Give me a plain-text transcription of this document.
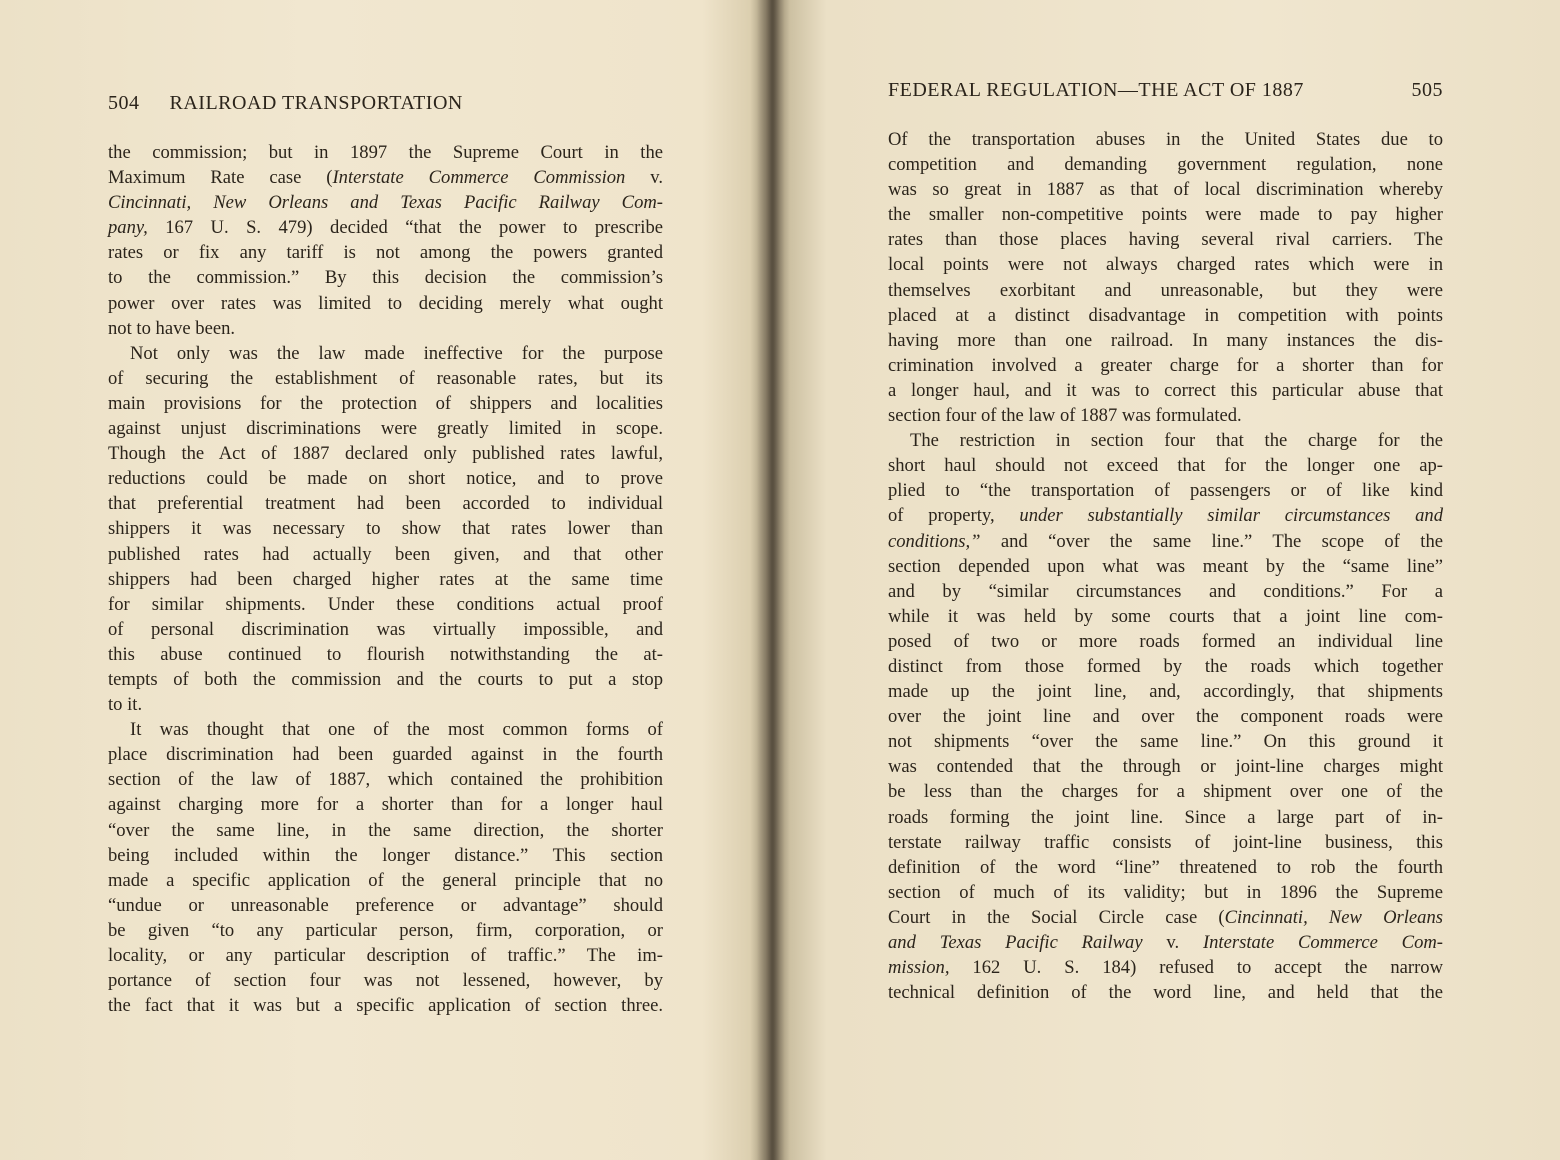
504 RAILROAD TRANSPORTATION
the commission; but in 1897 the Supreme Court in the
Maximum Rate case (Interstate Commerce Commission v.
Cincinnati, New Orleans and Texas Pacific Railway Com-
pany, 167 U. S. 479) decided “that the power to prescribe
rates or fix any tariff is not among the powers granted
to the commission.” By this decision the commission’s
power over rates was limited to deciding merely what ought
not to have been.
Not only was the law made ineffective for the purpose
of securing the establishment of reasonable rates, but its
main provisions for the protection of shippers and localities
against unjust discriminations were greatly limited in scope.
Though the Act of 1887 declared only published rates lawful,
reductions could be made on short notice, and to prove
that preferential treatment had been accorded to individual
shippers it was necessary to show that rates lower than
published rates had actually been given, and that other
shippers had been charged higher rates at the same time
for similar shipments. Under these conditions actual proof
of personal discrimination was virtually impossible, and
this abuse continued to flourish notwithstanding the at-
tempts of both the commission and the courts to put a stop
to it.
It was thought that one of the most common forms of
place discrimination had been guarded against in the fourth
section of the law of 1887, which contained the prohibition
against charging more for a shorter than for a longer haul
“over the same line, in the same direction, the shorter
being included within the longer distance.” This section
made a specific application of the general principle that no
“undue or unreasonable preference or advantage” should
be given “to any particular person, firm, corporation, or
locality, or any particular description of traffic.” The im-
portance of section four was not lessened, however, by
the fact that it was but a specific application of section three.
FEDERAL REGULATION—THE ACT OF 1887	505
Of the transportation abuses in the United States due to
competition and demanding government regulation, none
was so great in 1887 as that of local discrimination whereby
the smaller non-competitive points were made to pay higher
rates than those places having several rival carriers. The
local points were not always charged rates which were in
themselves exorbitant and unreasonable, but they were
placed at a distinct disadvantage in competition with points
having more than one railroad. In many instances the dis-
crimination involved a greater charge for a shorter than for
a longer haul, and it was to correct this particular abuse that
section four of the law of 1887 was formulated.
The restriction in section four that the charge for the
short haul should not exceed that for the longer one ap-
plied to “the transportation of passengers or of like kind
of property, under substantially similar circumstances and
conditions,” and “over the same line.” The scope of the
section depended upon what was meant by the “same line”
and by “similar circumstances and conditions.” For a
while it was held by some courts that a joint line com-
posed of two or more roads formed an individual line
distinct from those formed by the roads which together
made up the joint line, and, accordingly, that shipments
over the joint line and over the component roads were
not shipments “over the same line.” On this ground it
was contended that the through or joint-line charges might
be less than the charges for a shipment over one of the
roads forming the joint line. Since a large part of in-
terstate railway traffic consists of joint-line business, this
definition of the word “line” threatened to rob the fourth
section of much of its validity; but in 1896 the Supreme
Court in the Social Circle case (Cincinnati, New Orleans
and Texas Pacific Railway v. Interstate Commerce Com-
mission, 162 U. S. 184) refused to accept the narrow
technical definition of the word line, and held that the
